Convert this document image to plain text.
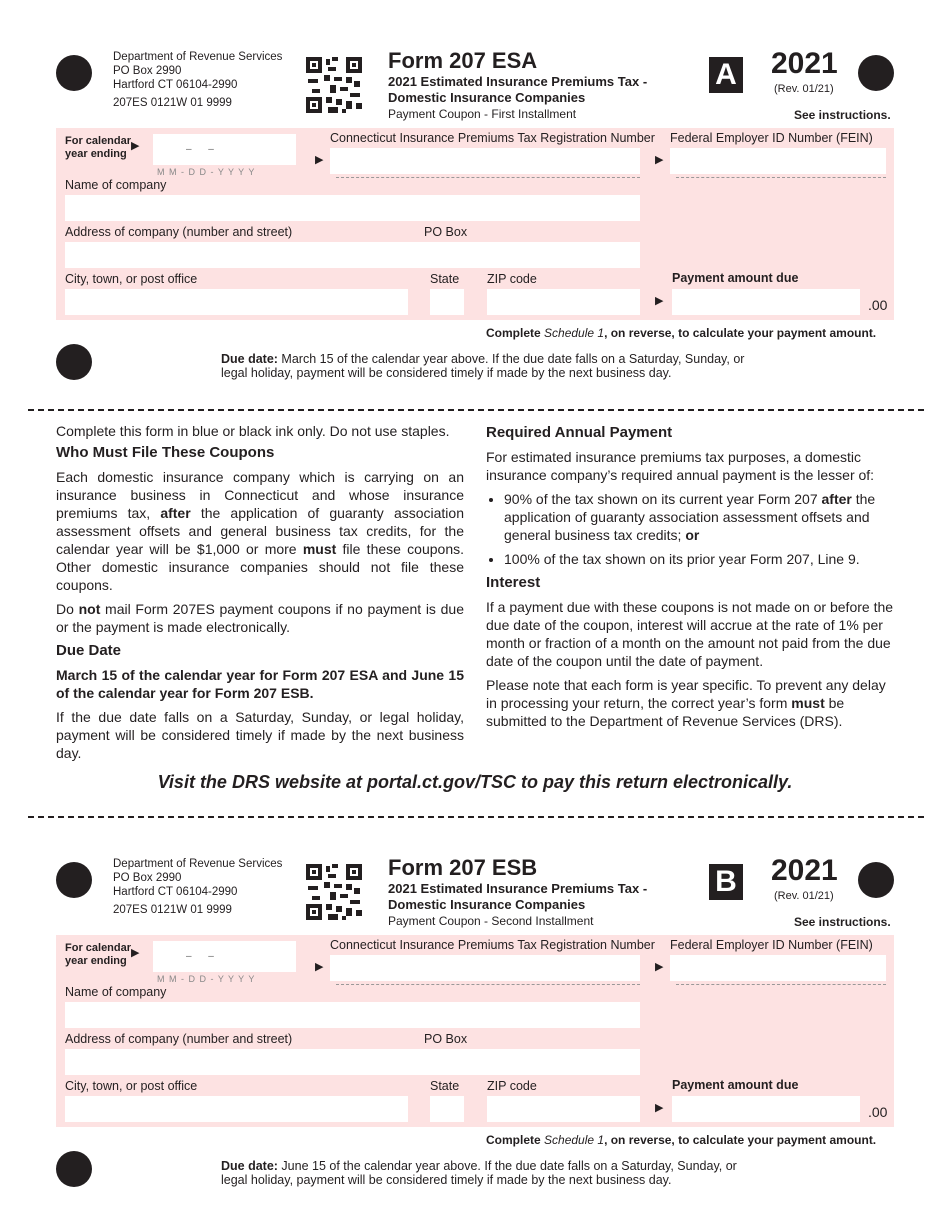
Department of Revenue Services
PO Box 2990
Hartford CT 06104-2990
207ES 0121W 01 9999
Form 207 ESA
2021 Estimated Insurance Premiums Tax -
Domestic Insurance Companies
Payment Coupon - First Installment
A 2021
(Rev. 01/21)
See instructions.
For calendar
year ending
▶	–      –
M M - D D - Y Y Y Y
Connecticut Insurance Premiums Tax Registration Number
▶
Federal Employer ID Number (FEIN)
▶
Name of company
Address of company (number and street)	PO Box
City, town, or post office	State ZIP code	Payment amount due
▶	.00
Complete Schedule 1, on reverse, to calculate your payment amount.
Due date: March 15 of the calendar year above. If the due date falls on a Saturday, Sunday, or
legal holiday, payment will be considered timely if made by the next business day.

Complete this form in blue or black ink only. Do not use staples.

Who Must File These Coupons

Each domestic insurance company which is carrying on an insurance business in Connecticut and whose insurance premiums tax, after the application of guaranty association assessment offsets and general business tax credits, for the calendar year will be $1,000 or more must file these coupons. Other domestic insurance companies should not file these coupons.

Do not mail Form 207ES payment coupons if no payment is due or the payment is made electronically.

Due Date

March 15 of the calendar year for Form 207 ESA and June 15 of the calendar year for Form 207 ESB.

If the due date falls on a Saturday, Sunday, or legal holiday, payment will be considered timely if made by the next business day.

Required Annual Payment

For estimated insurance premiums tax purposes, a domestic insurance company’s required annual payment is the lesser of:

• 90% of the tax shown on its current year Form 207 after the application of guaranty association assessment offsets and general business tax credits; or
• 100% of the tax shown on its prior year Form 207, Line 9.
Interest

If a payment due with these coupons is not made on or before the due date of the coupon, interest will accrue at the rate of 1% per month or fraction of a month on the amount not paid from the due date of the coupon until the date of payment.

Please note that each form is year specific. To prevent any delay in processing your return, the correct year’s form must be submitted to the Department of Revenue Services (DRS).

Visit the DRS website at portal.ct.gov/TSC to pay this return electronically.
Department of Revenue Services
PO Box 2990
Hartford CT 06104-2990
207ES 0121W 01 9999
Form 207 ESB
2021 Estimated Insurance Premiums Tax -
Domestic Insurance Companies
Payment Coupon - Second Installment
B 2021
(Rev. 01/21)
See instructions.
For calendar
year ending
▶	–      –
M M - D D - Y Y Y Y
Connecticut Insurance Premiums Tax Registration Number
▶
Federal Employer ID Number (FEIN)
▶
Name of company
Address of company (number and street)	PO Box
City, town, or post office	State ZIP code	Payment amount due
▶	.00
Complete Schedule 1, on reverse, to calculate your payment amount.
Due date: June 15 of the calendar year above. If the due date falls on a Saturday, Sunday, or
legal holiday, payment will be considered timely if made by the next business day.
